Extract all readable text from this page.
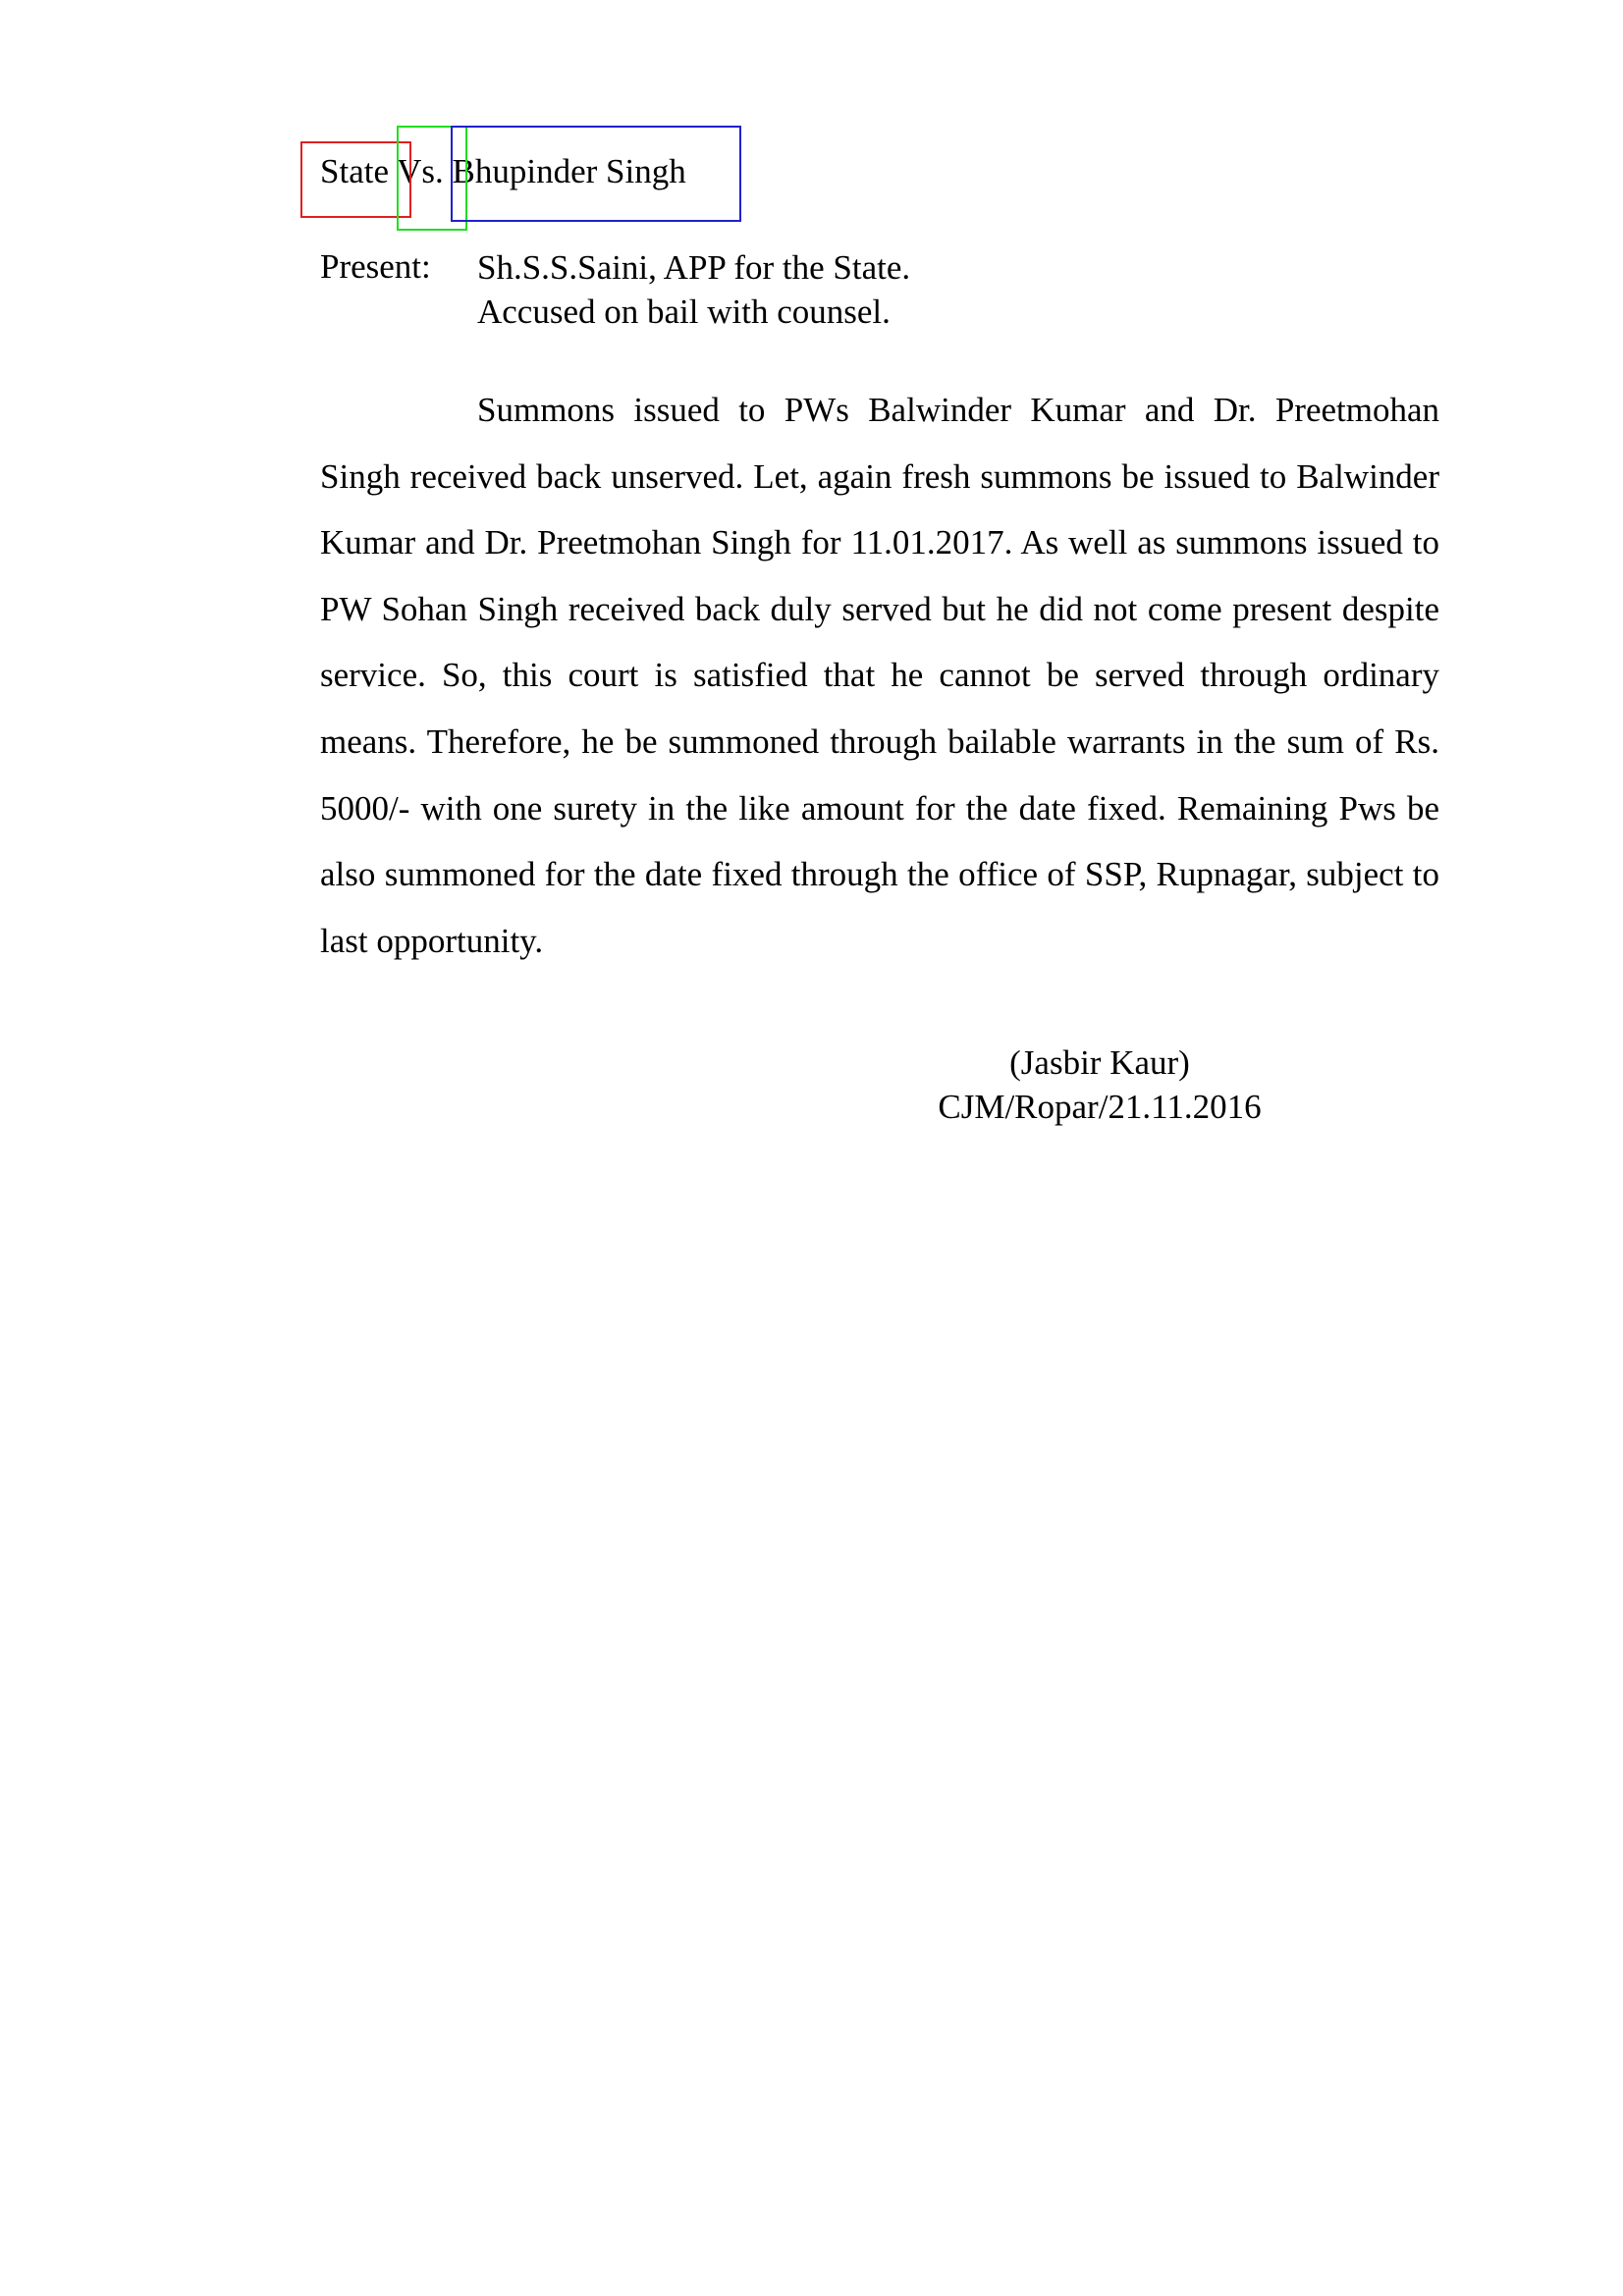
State Vs. Bhupinder Singh
Present: Sh.S.S.Saini, APP for the State.
Accused on bail with counsel.

Summons issued to PWs Balwinder Kumar and Dr. Preetmohan Singh received back unserved. Let, again fresh summons be issued to Balwinder Kumar and Dr. Preetmohan Singh for 11.01.2017. As well as summons issued to PW Sohan Singh received back duly served but he did not come present despite service. So, this court is satisfied that he cannot be served through ordinary means. Therefore, he be summoned through bailable warrants in the sum of Rs. 5000/- with one surety in the like amount for the date fixed. Remaining Pws be also summoned for the date fixed through the office of SSP, Rupnagar, subject to last opportunity.

(Jasbir Kaur)
CJM/Ropar/21.11.2016
